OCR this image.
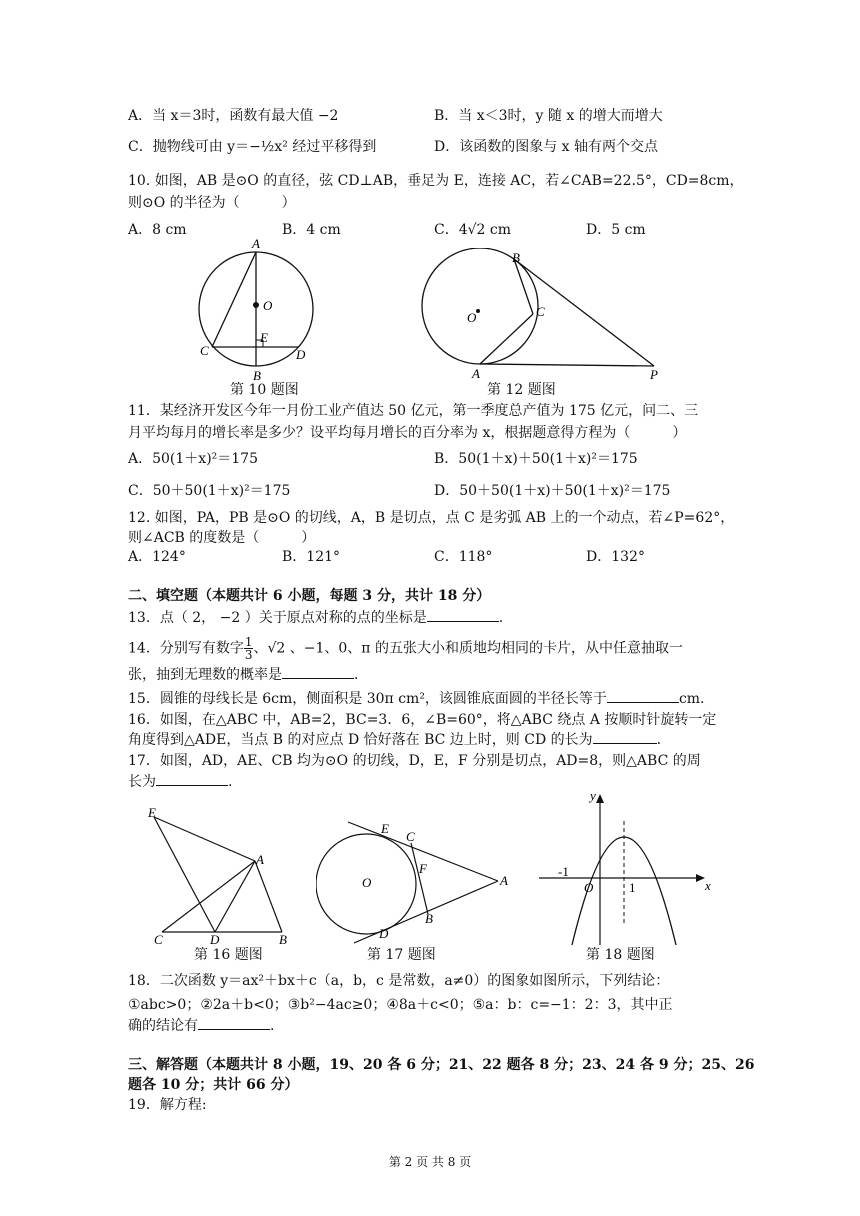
A．当 x＝3时，函数有最大值 −2	B．当 x＜3时，y 随 x 的增大而增大
C．抛物线可由 y＝−½x² 经过平移得到	D．该函数的图象与 x 轴有两个交点
10. 如图，AB 是⊙O 的直径，弦 CD⊥AB，垂足为 E，连接 AC，若∠CAB=22.5°，CD=8cm，
则⊙O 的半径为（　　　）
A．8 cm	B．4 cm	C．4√2 cm	D．5 cm
A
O
E
C	D
B
第 10 题图
O
B
C
A	P
第 12 题图
11．某经济开发区今年一月份工业产值达 50 亿元，第一季度总产值为 175 亿元，问二、三
月平均每月的增长率是多少？设平均每月增长的百分率为 x，根据题意得方程为（　　　）
A．50(1＋x)²＝175	B．50(1＋x)＋50(1＋x)²＝175
C．50＋50(1＋x)²＝175	D．50＋50(1＋x)＋50(1＋x)²＝175
12. 如图，PA，PB 是⊙O 的切线，A，B 是切点，点 C 是劣弧 AB 上的一个动点，若∠P=62°，
则∠ACB 的度数是（　　　）
A．124°	B．121°	C．118°	D．132°
二、填空题（本题共计 6 小题，每题 3 分，共计 18 分）
13．点（ 2， −2 ）关于原点对称的点的坐标是	.
14．分别写有数字 $\frac{1}{3}$ 、√2 、−1、0、π 的五张大小和质地均相同的卡片，从中任意抽取一
张，抽到无理数的概率是	.
15．圆锥的母线长是 6cm，侧面积是 30π cm²，该圆锥底面圆的半径长等于	cm.
16．如图，在△ABC 中，AB=2，BC=3．6，∠B=60°，将△ABC 绕点 A 按顺时针旋转一定
角度得到△ADE，当点 B 的对应点 D 恰好落在 BC 边上时，则 CD 的长为	.
17．如图，AD，AE、CB 均为⊙O 的切线，D，E，F 分别是切点，AD=8，则△ABC 的周
长为	.
E
A
C	D	B
第 16 题图
E
C
F
O	A
B
D
第 17 题图
y
x
-1
O	1
第 18 题图
18．二次函数 y＝ax²＋bx＋c（a，b，c 是常数，a≠0）的图象如图所示，下列结论：
①abc>0；②2a＋b<0；③b²−4ac≥0；④8a＋c<0；⑤a：b：c=−1：2：3，其中正
确的结论有	.
三、解答题（本题共计 8 小题，19、20 各 6 分；21、22 题各 8 分；23、24 各 9 分；25、26
题各 10 分；共计 66 分）
19．解方程:
第 2 页 共 8 页
